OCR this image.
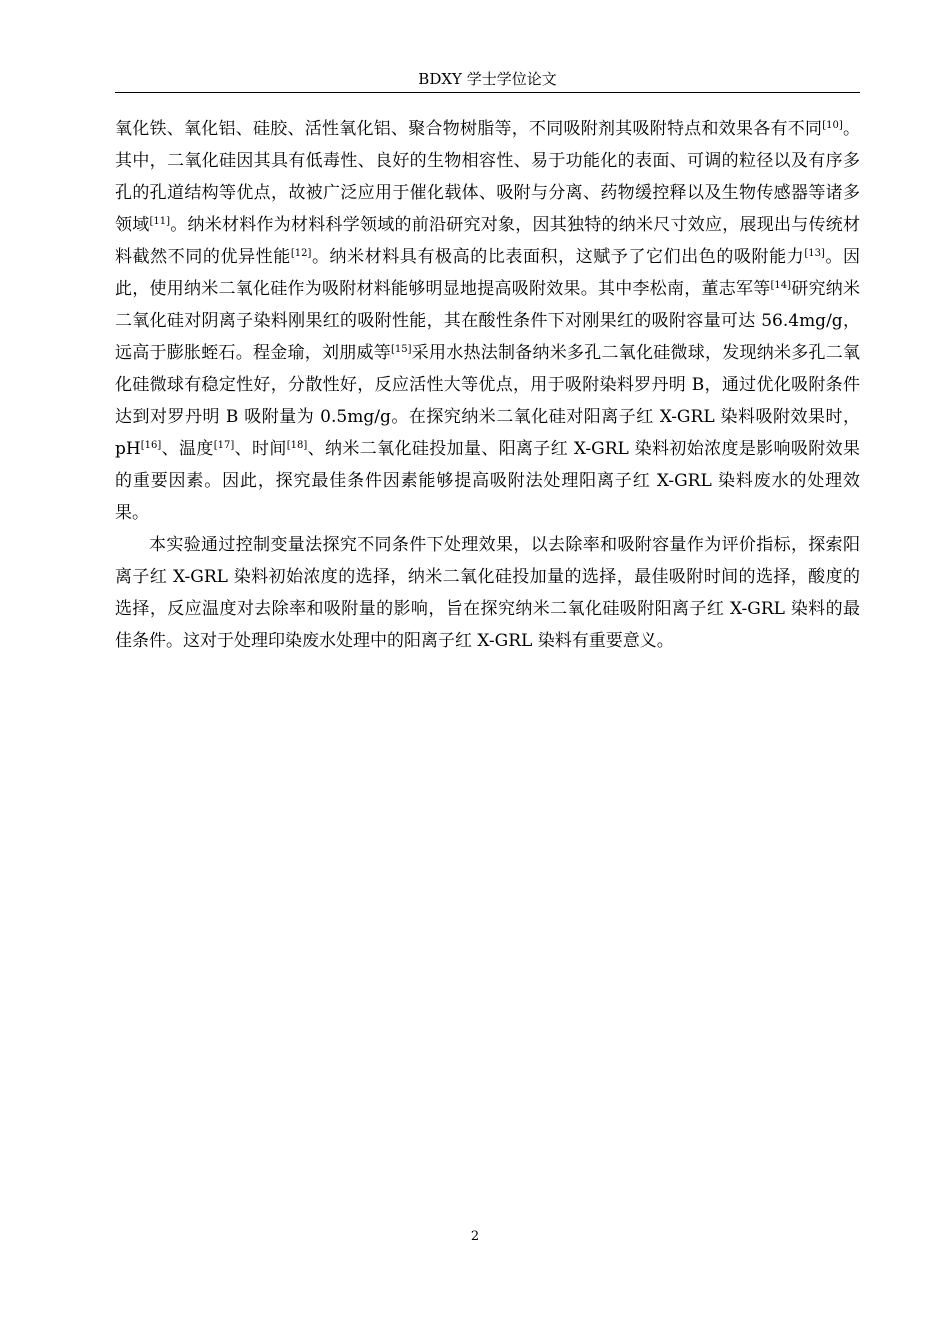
BDXY 学士学位论文

氧化铁、氧化铝、硅胶、活性氧化铝、聚合物树脂等，不同吸附剂其吸附特点和效果各有不同[10]。其中，二氧化硅因其具有低毒性、良好的生物相容性、易于功能化的表面、可调的粒径以及有序多孔的孔道结构等优点，故被广泛应用于催化载体、吸附与分离、药物缓控释以及生物传感器等诸多领域[11]。纳米材料作为材料科学领域的前沿研究对象，因其独特的纳米尺寸效应，展现出与传统材料截然不同的优异性能[12]。纳米材料具有极高的比表面积，这赋予了它们出色的吸附能力[13]。因此，使用纳米二氧化硅作为吸附材料能够明显地提高吸附效果。其中李松南，董志军等[14]研究纳米二氧化硅对阴离子染料刚果红的吸附性能，其在酸性条件下对刚果红的吸附容量可达 56.4mg/g，远高于膨胀蛭石。程金瑜，刘朋威等[15]采用水热法制备纳米多孔二氧化硅微球，发现纳米多孔二氧化硅微球有稳定性好，分散性好，反应活性大等优点，用于吸附染料罗丹明 B，通过优化吸附条件达到对罗丹明 B 吸附量为 0.5mg/g。在探究纳米二氧化硅对阳离子红 X-GRL 染料吸附效果时，pH[16]、温度[17]、时间[18]、纳米二氧化硅投加量、阳离子红 X-GRL 染料初始浓度是影响吸附效果的重要因素。因此，探究最佳条件因素能够提高吸附法处理阳离子红 X-GRL 染料废水的处理效果。

本实验通过控制变量法探究不同条件下处理效果，以去除率和吸附容量作为评价指标，探索阳离子红 X-GRL 染料初始浓度的选择，纳米二氧化硅投加量的选择，最佳吸附时间的选择，酸度的选择，反应温度对去除率和吸附量的影响，旨在探究纳米二氧化硅吸附阳离子红 X-GRL 染料的最佳条件。这对于处理印染废水处理中的阳离子红 X-GRL 染料有重要意义。

2
